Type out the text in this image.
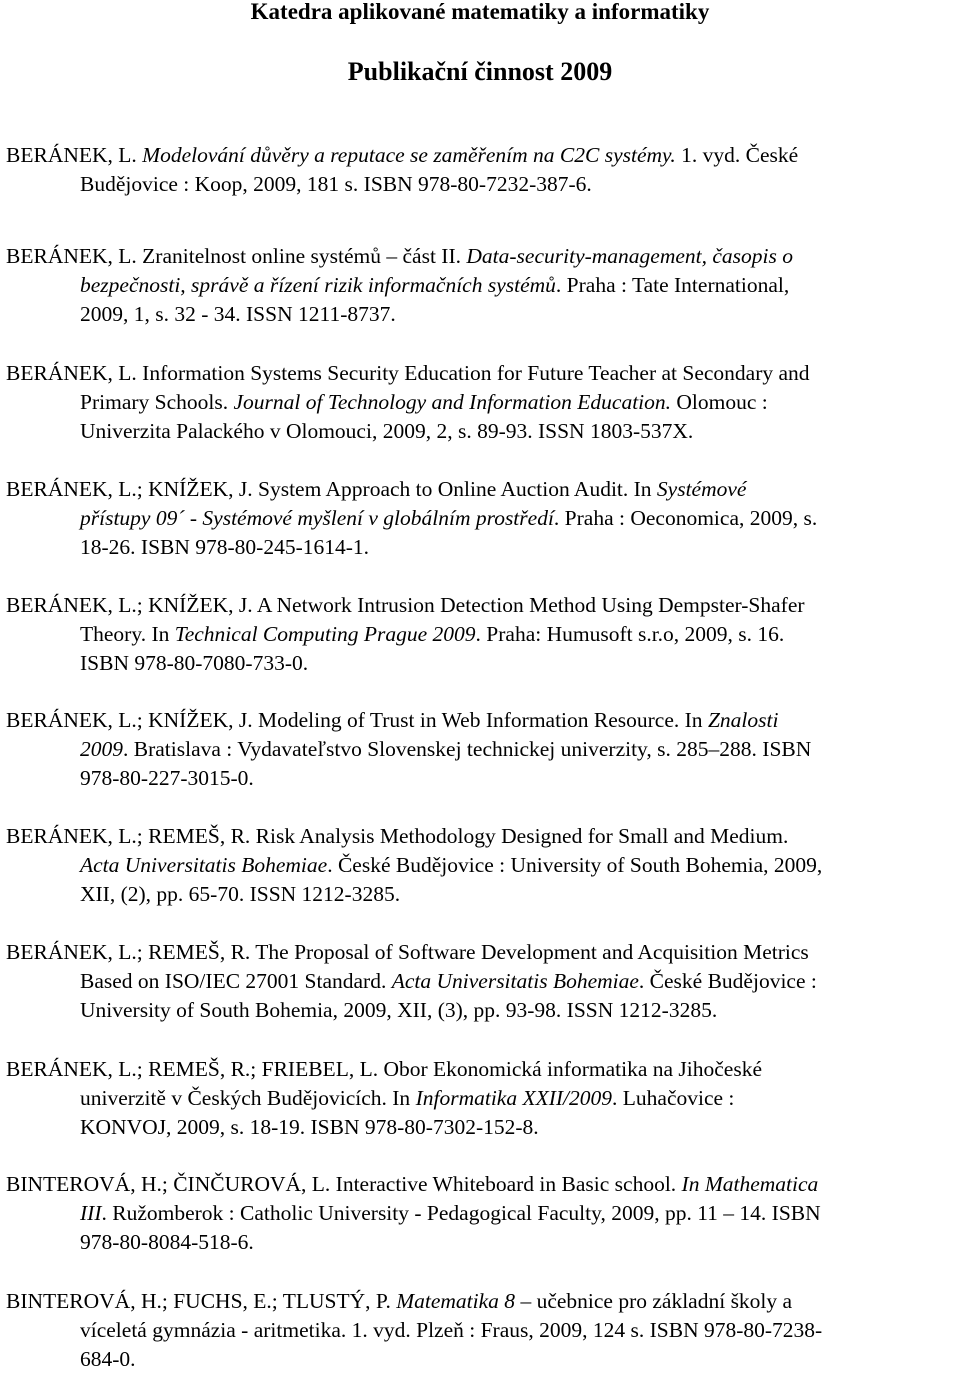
Katedra aplikované matematiky a informatiky
Publikační činnost 2009
BERÁNEK, L. Modelování důvěry a reputace se zaměřením na C2C systémy. 1. vyd. České
Budějovice : Koop, 2009, 181 s. ISBN 978-80-7232-387-6.
BERÁNEK, L. Zranitelnost online systémů – část II. Data-security-management, časopis o
bezpečnosti, správě a řízení rizik informačních systémů. Praha : Tate International,
2009, 1, s. 32 - 34. ISSN 1211-8737.
BERÁNEK, L. Information Systems Security Education for Future Teacher at Secondary and
Primary Schools. Journal of Technology and Information Education. Olomouc :
Univerzita Palackého v Olomouci, 2009, 2, s. 89-93. ISSN 1803-537X.
BERÁNEK, L.; KNÍŽEK, J. System Approach to Online Auction Audit. In Systémové
přístupy 09´ - Systémové myšlení v globálním prostředí. Praha : Oeconomica, 2009, s.
18-26. ISBN 978-80-245-1614-1.
BERÁNEK, L.; KNÍŽEK, J. A Network Intrusion Detection Method Using Dempster-Shafer
Theory. In Technical Computing Prague 2009. Praha: Humusoft s.r.o, 2009, s. 16.
ISBN 978-80-7080-733-0.
BERÁNEK, L.; KNÍŽEK, J. Modeling of Trust in Web Information Resource. In Znalosti
2009. Bratislava : Vydavateľstvo Slovenskej technickej univerzity, s. 285–288. ISBN
978-80-227-3015-0.
BERÁNEK, L.; REMEŠ, R. Risk Analysis Methodology Designed for Small and Medium.
Acta Universitatis Bohemiae. České Budějovice : University of South Bohemia, 2009,
XII, (2), pp. 65-70. ISSN 1212-3285.
BERÁNEK, L.; REMEŠ, R. The Proposal of Software Development and Acquisition Metrics
Based on ISO/IEC 27001 Standard. Acta Universitatis Bohemiae. České Budějovice :
University of South Bohemia, 2009, XII, (3), pp. 93-98. ISSN 1212-3285.
BERÁNEK, L.; REMEŠ, R.; FRIEBEL, L. Obor Ekonomická informatika na Jihočeské
univerzitě v Českých Budějovicích. In Informatika XXII/2009. Luhačovice :
KONVOJ, 2009, s. 18-19. ISBN 978-80-7302-152-8.
BINTEROVÁ, H.; ČINČUROVÁ, L. Interactive Whiteboard in Basic school. In Mathematica
III. Ružomberok : Catholic University - Pedagogical Faculty, 2009, pp. 11 – 14. ISBN
978-80-8084-518-6.
BINTEROVÁ, H.; FUCHS, E.; TLUSTÝ, P. Matematika 8 – učebnice pro základní školy a
víceletá gymnázia - aritmetika. 1. vyd. Plzeň : Fraus, 2009, 124 s. ISBN 978-80-7238-
684-0.
